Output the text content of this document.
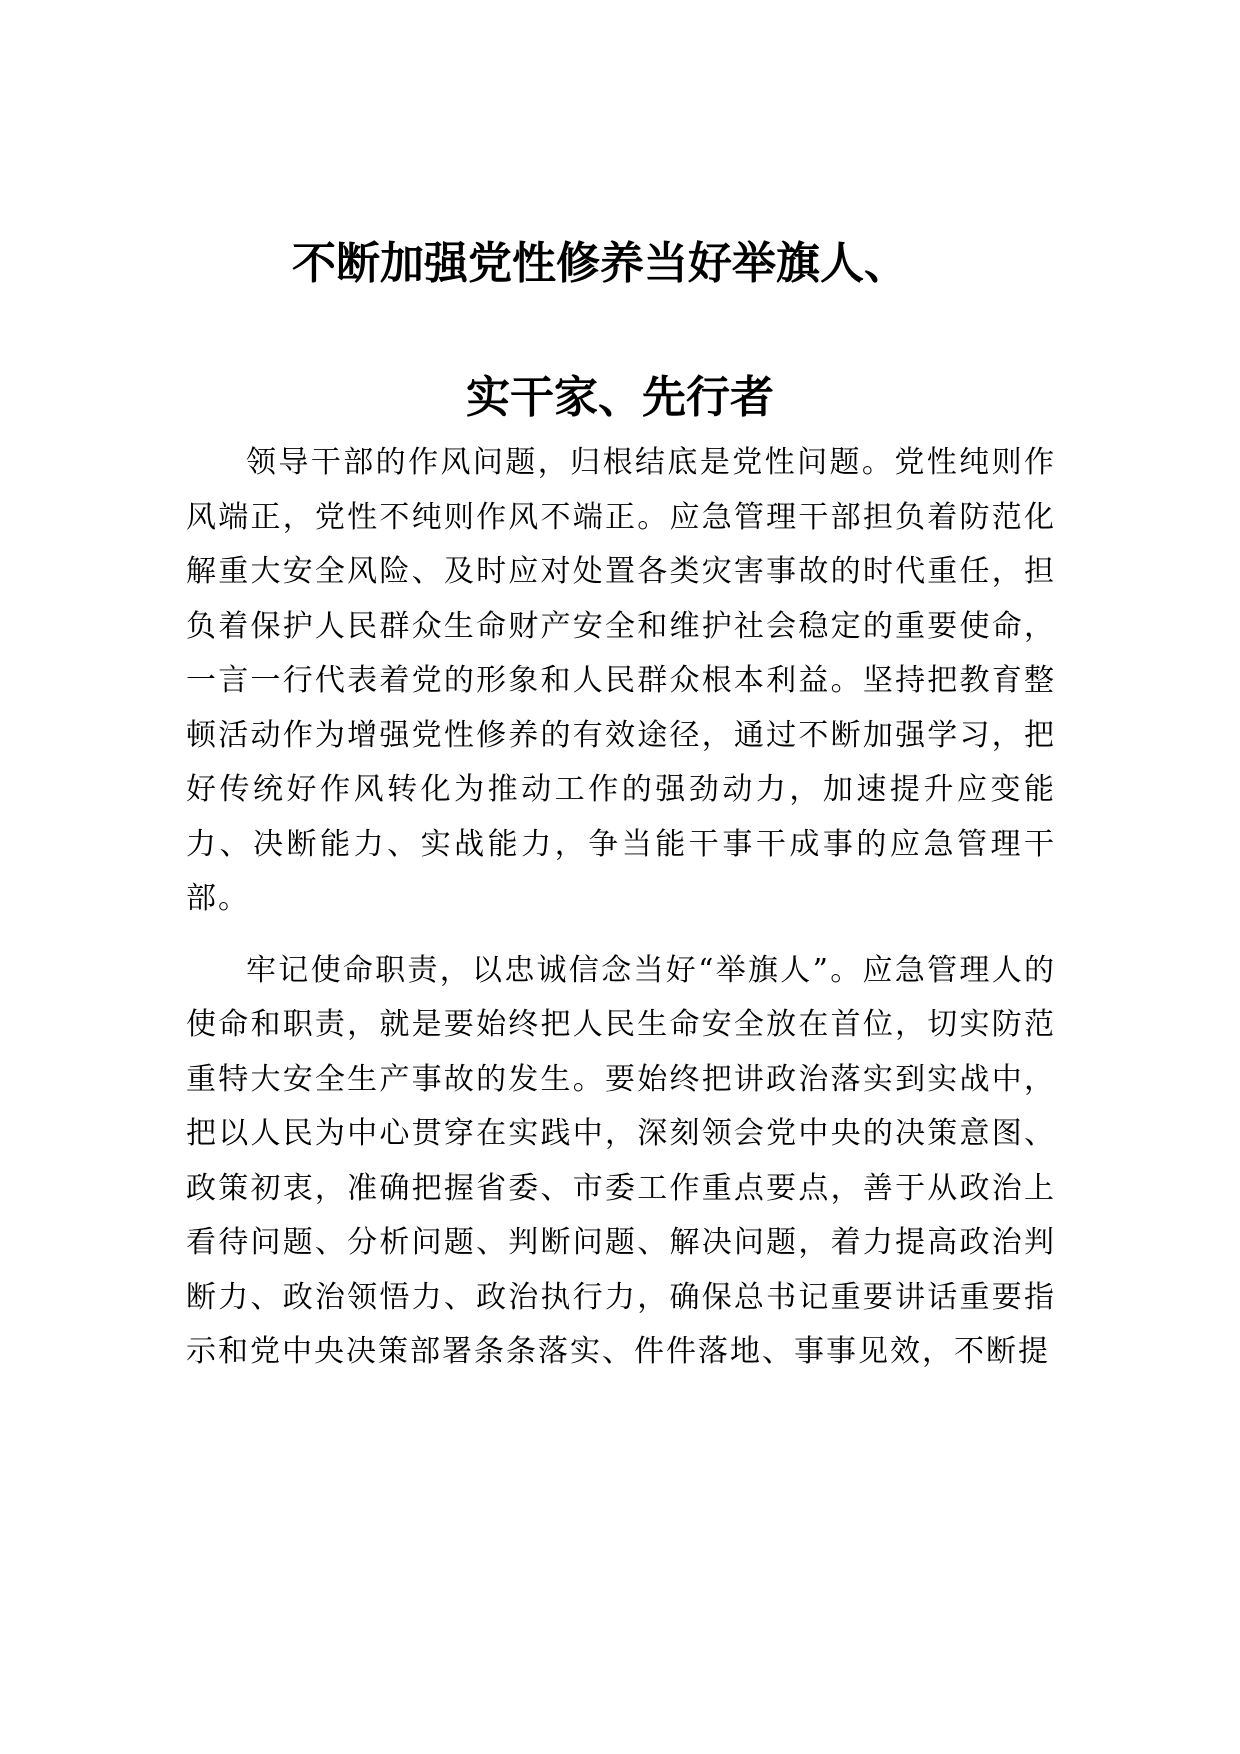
不断加强党性修养当好举旗人、
实干家、先行者

领导干部的作风问题，归根结底是党性问题。党性纯则作风端正，党性不纯则作风不端正。应急管理干部担负着防范化解重大安全风险、及时应对处置各类灾害事故的时代重任，担负着保护人民群众生命财产安全和维护社会稳定的重要使命，一言一行代表着党的形象和人民群众根本利益。坚持把教育整顿活动作为增强党性修养的有效途径，通过不断加强学习，把好传统好作风转化为推动工作的强劲动力，加速提升应变能力、决断能力、实战能力，争当能干事干成事的应急管理干部。

牢记使命职责，以忠诚信念当好“举旗人”。应急管理人的使命和职责，就是要始终把人民生命安全放在首位，切实防范重特大安全生产事故的发生。要始终把讲政治落实到实战中，把以人民为中心贯穿在实践中，深刻领会党中央的决策意图、政策初衷，准确把握省委、市委工作重点要点，善于从政治上看待问题、分析问题、判断问题、解决问题，着力提高政治判断力、政治领悟力、政治执行力，确保总书记重要讲话重要指示和党中央决策部署条条落实、件件落地、事事见效，不断提
